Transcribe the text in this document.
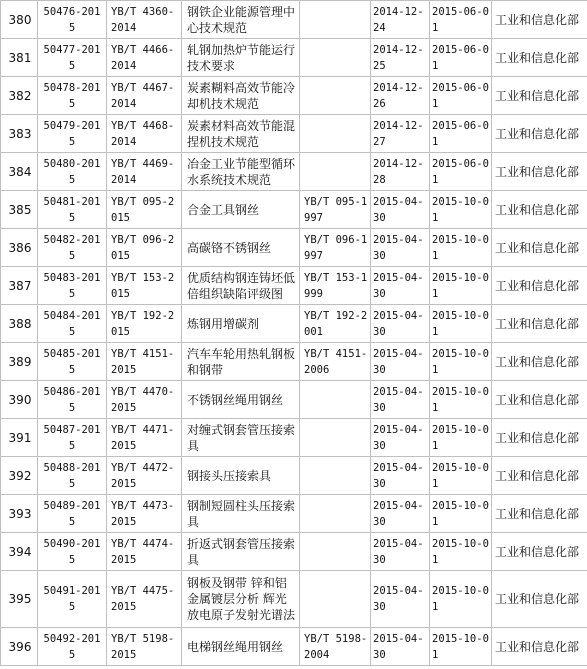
380	50476-2015	YB/T 4360-2014	钢铁企业能源管理中心技术规范		2014-12-24	2015-06-01	工业和信息化部
381	50477-2015	YB/T 4466-2014	轧钢加热炉节能运行技术要求		2014-12-25	2015-06-01	工业和信息化部
382	50478-2015	YB/T 4467-2014	炭素糊料高效节能冷却机技术规范		2014-12-26	2015-06-01	工业和信息化部
383	50479-2015	YB/T 4468-2014	炭素材料高效节能混捏机技术规范		2014-12-27	2015-06-01	工业和信息化部
384	50480-2015	YB/T 4469-2014	冶金工业节能型循环水系统技术规范		2014-12-28	2015-06-01	工业和信息化部
385	50481-2015	YB/T 095-2015	合金工具钢丝	YB/T 095-1997	2015-04-30	2015-10-01	工业和信息化部
386	50482-2015	YB/T 096-2015	高碳铬不锈钢丝	YB/T 096-1997	2015-04-30	2015-10-01	工业和信息化部
387	50483-2015	YB/T 153-2015	优质结构钢连铸坯低倍组织缺陷评级图	YB/T 153-1999	2015-04-30	2015-10-01	工业和信息化部
388	50484-2015	YB/T 192-2015	炼钢用增碳剂	YB/T 192-2001	2015-04-30	2015-10-01	工业和信息化部
389	50485-2015	YB/T 4151-2015	汽车车轮用热轧钢板和钢带	YB/T 4151-2006	2015-04-30	2015-10-01	工业和信息化部
390	50486-2015	YB/T 4470-2015	不锈钢丝绳用钢丝		2015-04-30	2015-10-01	工业和信息化部
391	50487-2015	YB/T 4471-2015	对缠式钢套管压接索具		2015-04-30	2015-10-01	工业和信息化部
392	50488-2015	YB/T 4472-2015	钢接头压接索具		2015-04-30	2015-10-01	工业和信息化部
393	50489-2015	YB/T 4473-2015	钢制短圆柱头压接索具		2015-04-30	2015-10-01	工业和信息化部
394	50490-2015	YB/T 4474-2015	折返式钢套管压接索具		2015-04-30	2015-10-01	工业和信息化部
395	50491-2015	YB/T 4475-2015	钢板及钢带 锌和铝金属镀层分析 辉光放电原子发射光谱法		2015-04-30	2015-10-01	工业和信息化部
396	50492-2015	YB/T 5198-2015	电梯钢丝绳用钢丝	YB/T 5198-2004	2015-04-30	2015-10-01	工业和信息化部
